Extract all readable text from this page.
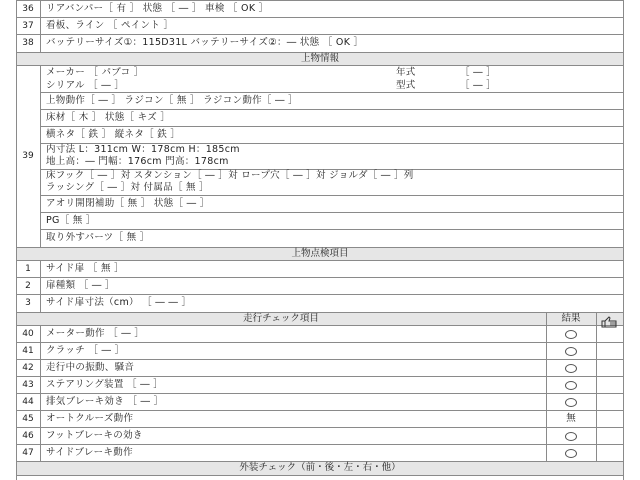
36	リアバンパー［ 有 ］ 状態 ［ ― ］ 車検 ［ OK ］
37	看板、ライン ［ ペイント ］
38	バッテリーサイズ①：115D31L バッテリーサイズ②：― 状態 ［ OK ］
上物情報
39
メーカー ［ パブコ ］	年式	［ ― ］
シリアル ［ ― ］	型式	［ ― ］
上物動作［ ― ］ ラジコン［ 無 ］ ラジコン動作［ ― ］
床材［ 木 ］ 状態［ キズ ］
横ネタ［ 鉄 ］ 縦ネタ［ 鉄 ］
内寸法 L：311cm W：178cm H：185cm
地上高：― 門幅：176cm 門高：178cm
床フック［ ― ］対 スタンション［ ― ］対 ロープ穴［ ― ］対 ジョルダ［ ― ］列
ラッシング［ ― ］対 付属品［ 無 ］
アオリ開閉補助［ 無 ］ 状態［ ― ］
PG［ 無 ］
取り外すパーツ［ 無 ］
上物点検項目
1	サイド扉 ［ 無 ］
2	扉種類 ［ ― ］
3	サイド扉寸法（cm） ［ ― ― ］
走行チェック項目	結果
40	メーター動作 ［ ― ］
41	クラッチ ［ ― ］
42	走行中の振動、騒音
43	ステアリング装置 ［ ― ］
44	排気ブレーキ効き ［ ― ］
45	オートクルーズ動作	無
46	フットブレーキの効き
47	サイドブレーキ動作
外装チェック（前・後・左・右・他）
